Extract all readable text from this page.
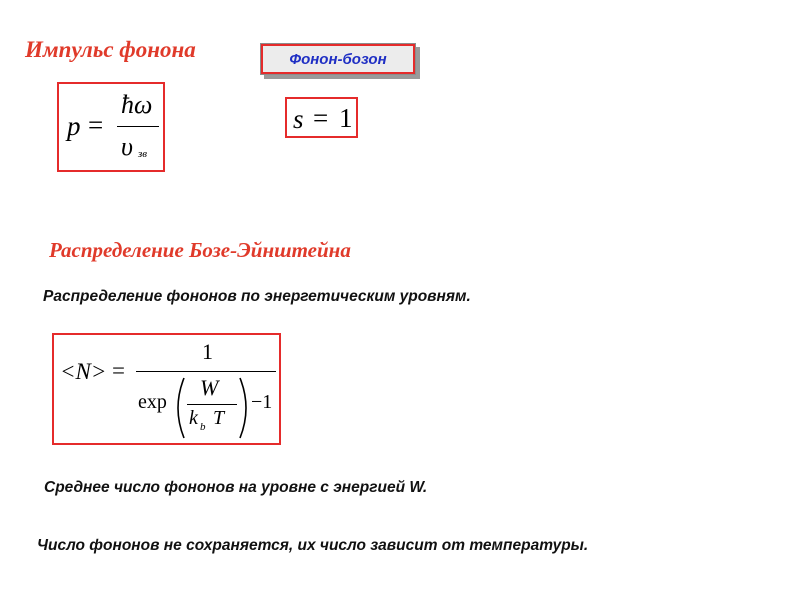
Импульс фонона	Фонон-бозон
p =
ħω
υ зв
s = 1
Распределение Бозе-Эйнштейна
Распределение фононов по энергетическим уровням.
<N> =
1
exp
W
k b T
−1
Среднее число фононов на уровне с энергией W.
Число фононов не сохраняется, их число зависит от температуры.
